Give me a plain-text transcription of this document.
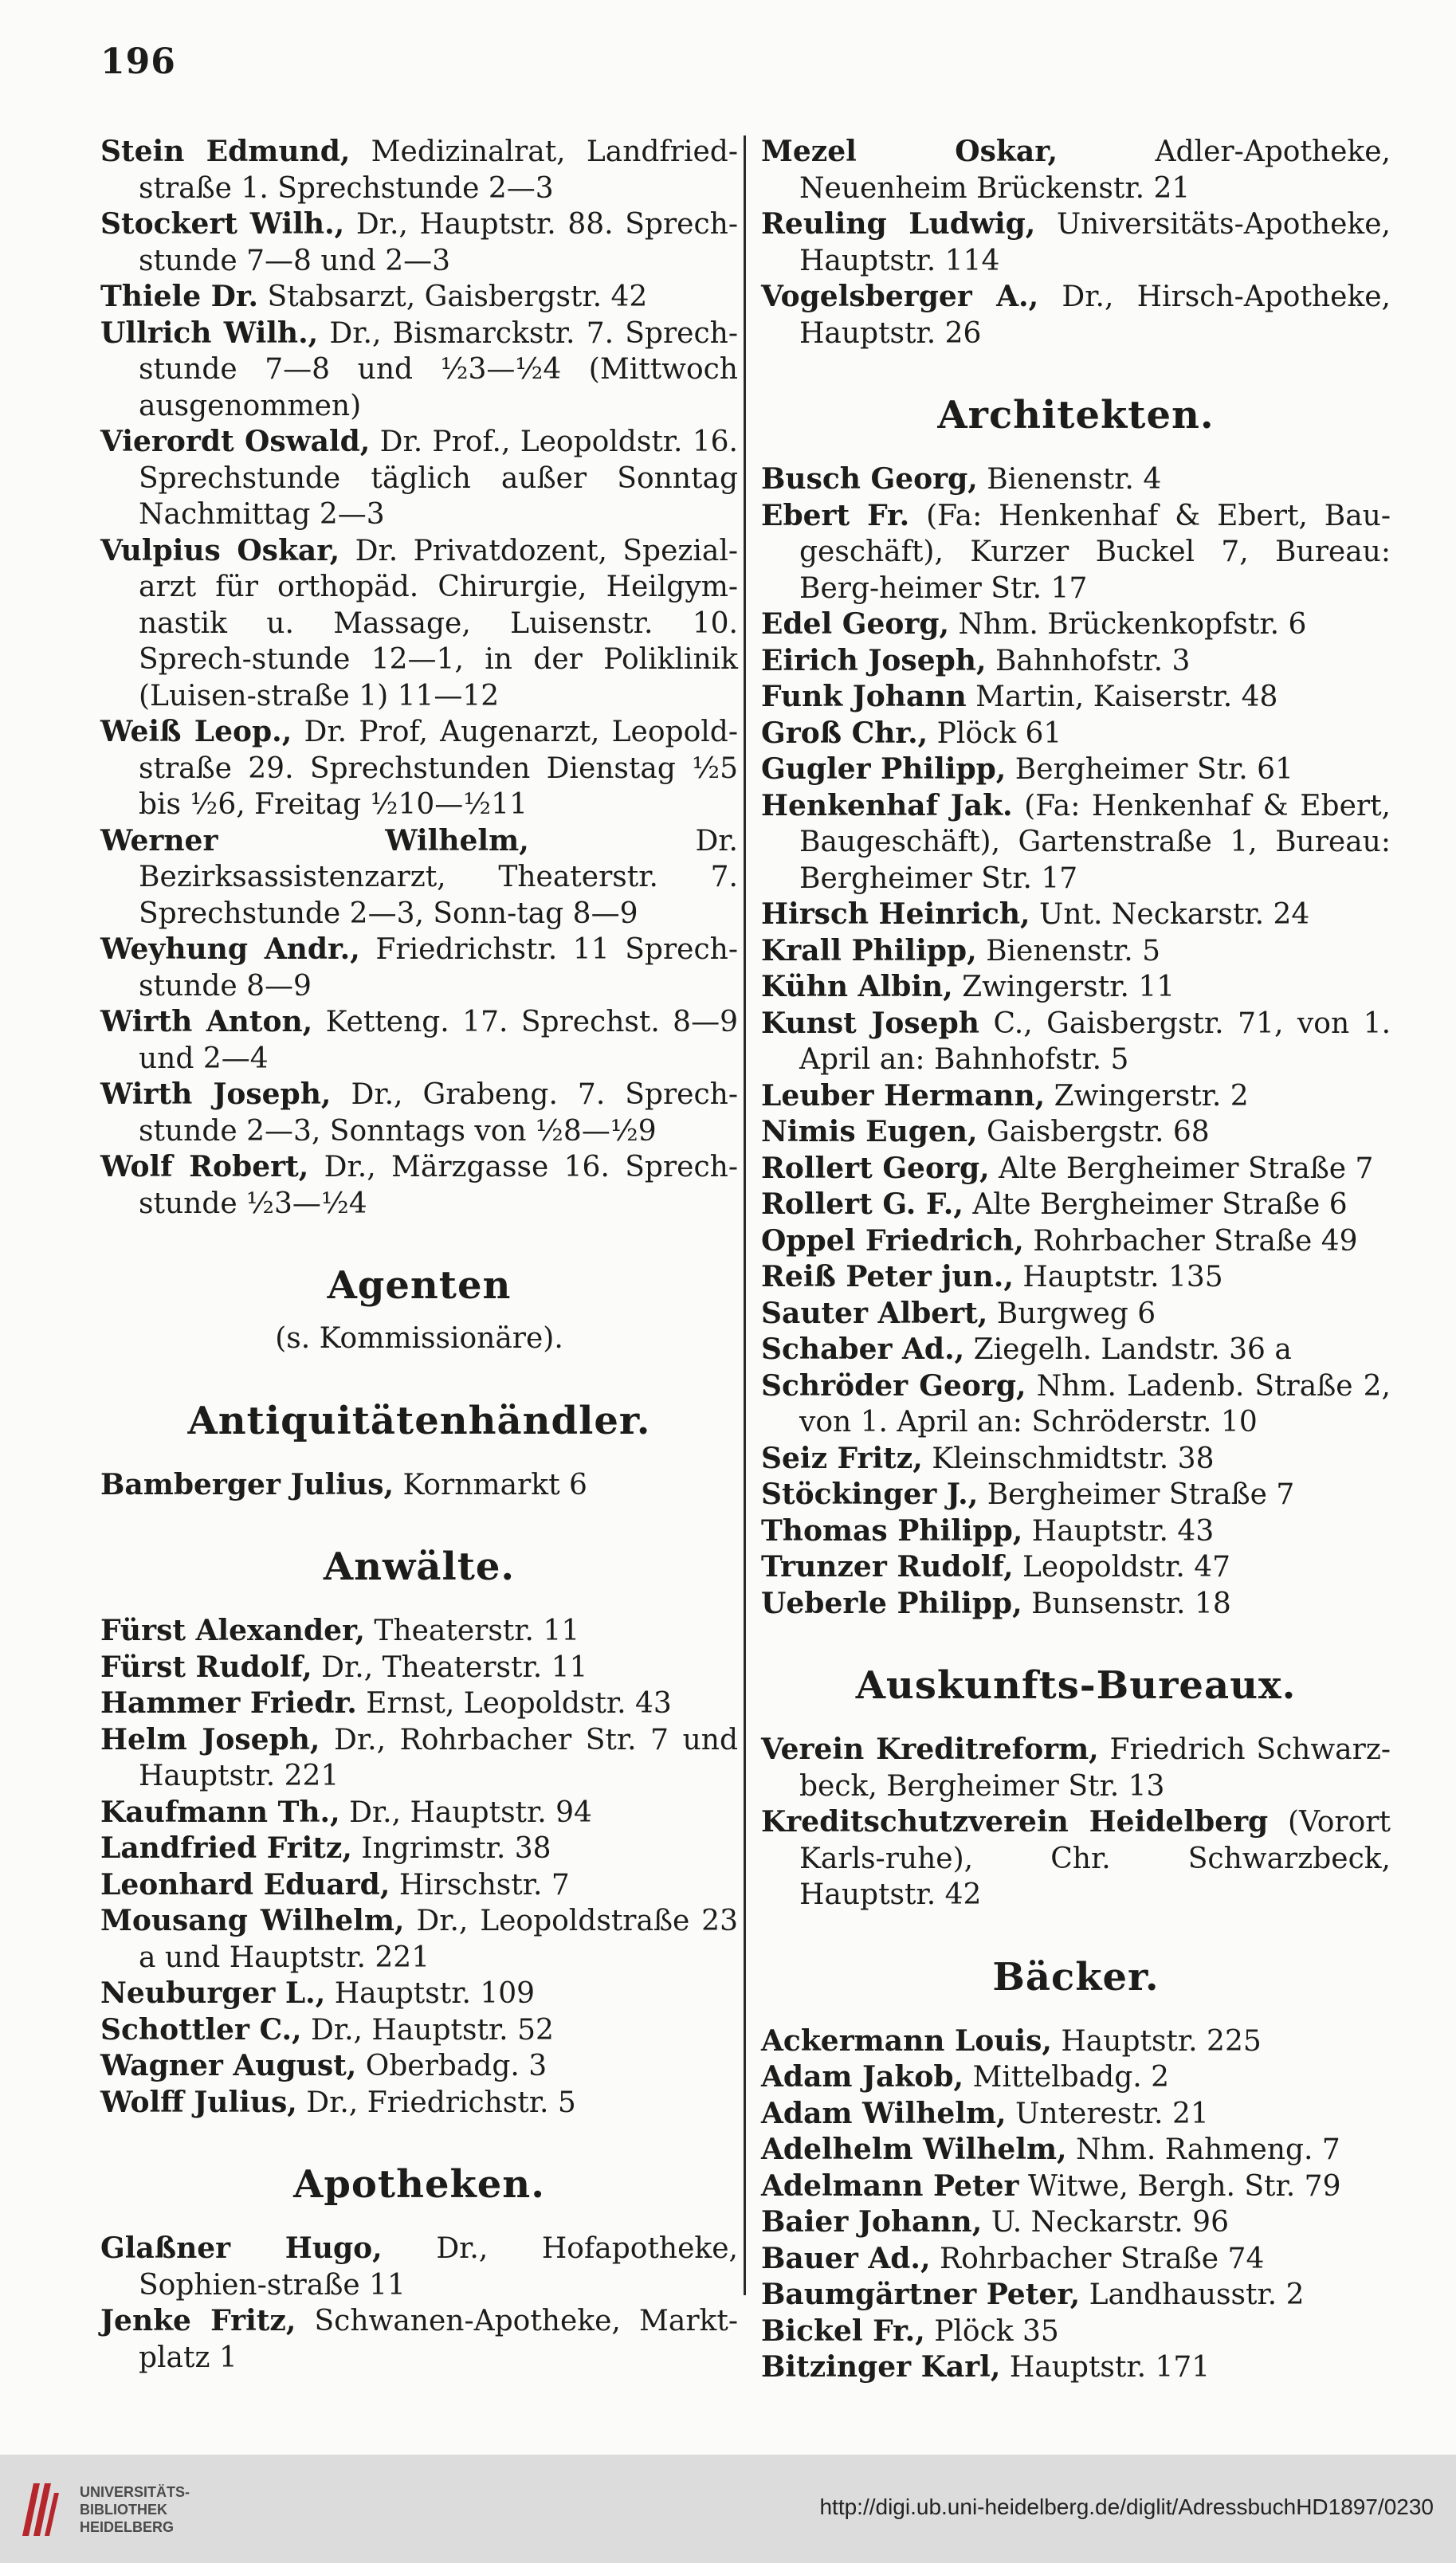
196

Stein Edmund, Medizinalrat, Landfried-straße 1. Sprechstunde 2—3

Stockert Wilh., Dr., Hauptstr. 88. Sprech-stunde 7—8 und 2—3

Thiele Dr. Stabsarzt, Gaisbergstr. 42

Ullrich Wilh., Dr., Bismarckstr. 7. Sprech-stunde 7—8 und ½3—½4 (Mittwoch ausgenommen)

Vierordt Oswald, Dr. Prof., Leopoldstr. 16. Sprechstunde täglich außer Sonntag Nachmittag 2—3

Vulpius Oskar, Dr. Privatdozent, Spezial-arzt für orthopäd. Chirurgie, Heilgym-nastik u. Massage, Luisenstr. 10. Sprech-stunde 12—1, in der Poliklinik (Luisen-straße 1) 11—12

Weiß Leop., Dr. Prof, Augenarzt, Leopold-straße 29. Sprechstunden Dienstag ½5 bis ½6, Freitag ½10—½11

Werner Wilhelm,	Dr. Bezirksassistenzarzt, Theaterstr. 7. Sprechstunde 2—3, Sonn-tag 8—9

Weyhung Andr., Friedrichstr. 11 Sprech-stunde 8—9

Wirth Anton, Ketteng. 17. Sprechst. 8—9 und 2—4

Wirth Joseph, Dr., Grabeng. 7. Sprech-stunde 2—3, Sonntags von ½8—½9

Wolf Robert, Dr., Märzgasse 16. Sprech-stunde ½3—½4

Agenten
(s. Kommissionäre).
Antiquitätenhändler.

Bamberger Julius, Kornmarkt 6

Anwälte.

Fürst Alexander, Theaterstr. 11

Fürst Rudolf, Dr., Theaterstr. 11

Hammer Friedr. Ernst, Leopoldstr. 43

Helm Joseph, Dr., Rohrbacher Str. 7 und Hauptstr. 221

Kaufmann Th., Dr., Hauptstr. 94

Landfried Fritz, Ingrimstr. 38

Leonhard Eduard, Hirschstr. 7

Mousang Wilhelm, Dr., Leopoldstraße 23 a und Hauptstr. 221

Neuburger L., Hauptstr. 109

Schottler C., Dr., Hauptstr. 52

Wagner August, Oberbadg. 3

Wolff Julius, Dr., Friedrichstr. 5

Apotheken.

Glaßner Hugo, Dr., Hofapotheke, Sophien-straße 11

Jenke Fritz, Schwanen-Apotheke, Markt-platz 1

Mezel Oskar,	Adler-Apotheke, Neuenheim Brückenstr. 21

Reuling Ludwig, Universitäts-Apotheke, Hauptstr. 114

Vogelsberger A., Dr., Hirsch-Apotheke, Hauptstr. 26

Architekten.

Busch Georg, Bienenstr. 4

Ebert Fr. (Fa: Henkenhaf & Ebert, Bau-geschäft), Kurzer Buckel 7, Bureau: Berg-heimer Str. 17

Edel Georg, Nhm. Brückenkopfstr. 6

Eirich Joseph, Bahnhofstr. 3

Funk Johann Martin, Kaiserstr. 48

Groß Chr., Plöck 61

Gugler Philipp, Bergheimer Str. 61

Henkenhaf Jak. (Fa: Henkenhaf & Ebert, Baugeschäft), Gartenstraße 1, Bureau: Bergheimer Str. 17

Hirsch Heinrich, Unt. Neckarstr. 24

Krall Philipp, Bienenstr. 5

Kühn Albin, Zwingerstr. 11

Kunst Joseph C., Gaisbergstr. 71, von 1. April an: Bahnhofstr. 5

Leuber Hermann, Zwingerstr. 2

Nimis Eugen, Gaisbergstr. 68

Rollert Georg, Alte Bergheimer Straße 7

Rollert G. F., Alte Bergheimer Straße 6

Oppel Friedrich, Rohrbacher Straße 49

Reiß Peter jun., Hauptstr. 135

Sauter Albert, Burgweg 6

Schaber Ad., Ziegelh. Landstr. 36 a

Schröder Georg, Nhm. Ladenb. Straße 2, von 1. April an: Schröderstr. 10

Seiz Fritz, Kleinschmidtstr. 38

Stöckinger J., Bergheimer Straße 7

Thomas Philipp, Hauptstr. 43

Trunzer Rudolf, Leopoldstr. 47

Ueberle Philipp, Bunsenstr. 18

Auskunfts-Bureaux.

Verein Kreditreform, Friedrich Schwarz-beck, Bergheimer Str. 13

Kreditschutzverein Heidelberg (Vorort Karls-ruhe), Chr. Schwarzbeck, Hauptstr. 42

Bäcker.

Ackermann Louis, Hauptstr. 225

Adam Jakob, Mittelbadg. 2

Adam Wilhelm, Unterestr. 21

Adelhelm Wilhelm, Nhm. Rahmeng. 7

Adelmann Peter Witwe, Bergh. Str. 79

Baier Johann, U. Neckarstr. 96

Bauer Ad., Rohrbacher Straße 74

Baumgärtner Peter, Landhausstr. 2

Bickel Fr., Plöck 35

Bitzinger Karl, Hauptstr. 171

UNIVERSITÄTS-
BIBLIOTHEK
HEIDELBERG
http://digi.ub.uni-heidelberg.de/diglit/AdressbuchHD1897/0230
